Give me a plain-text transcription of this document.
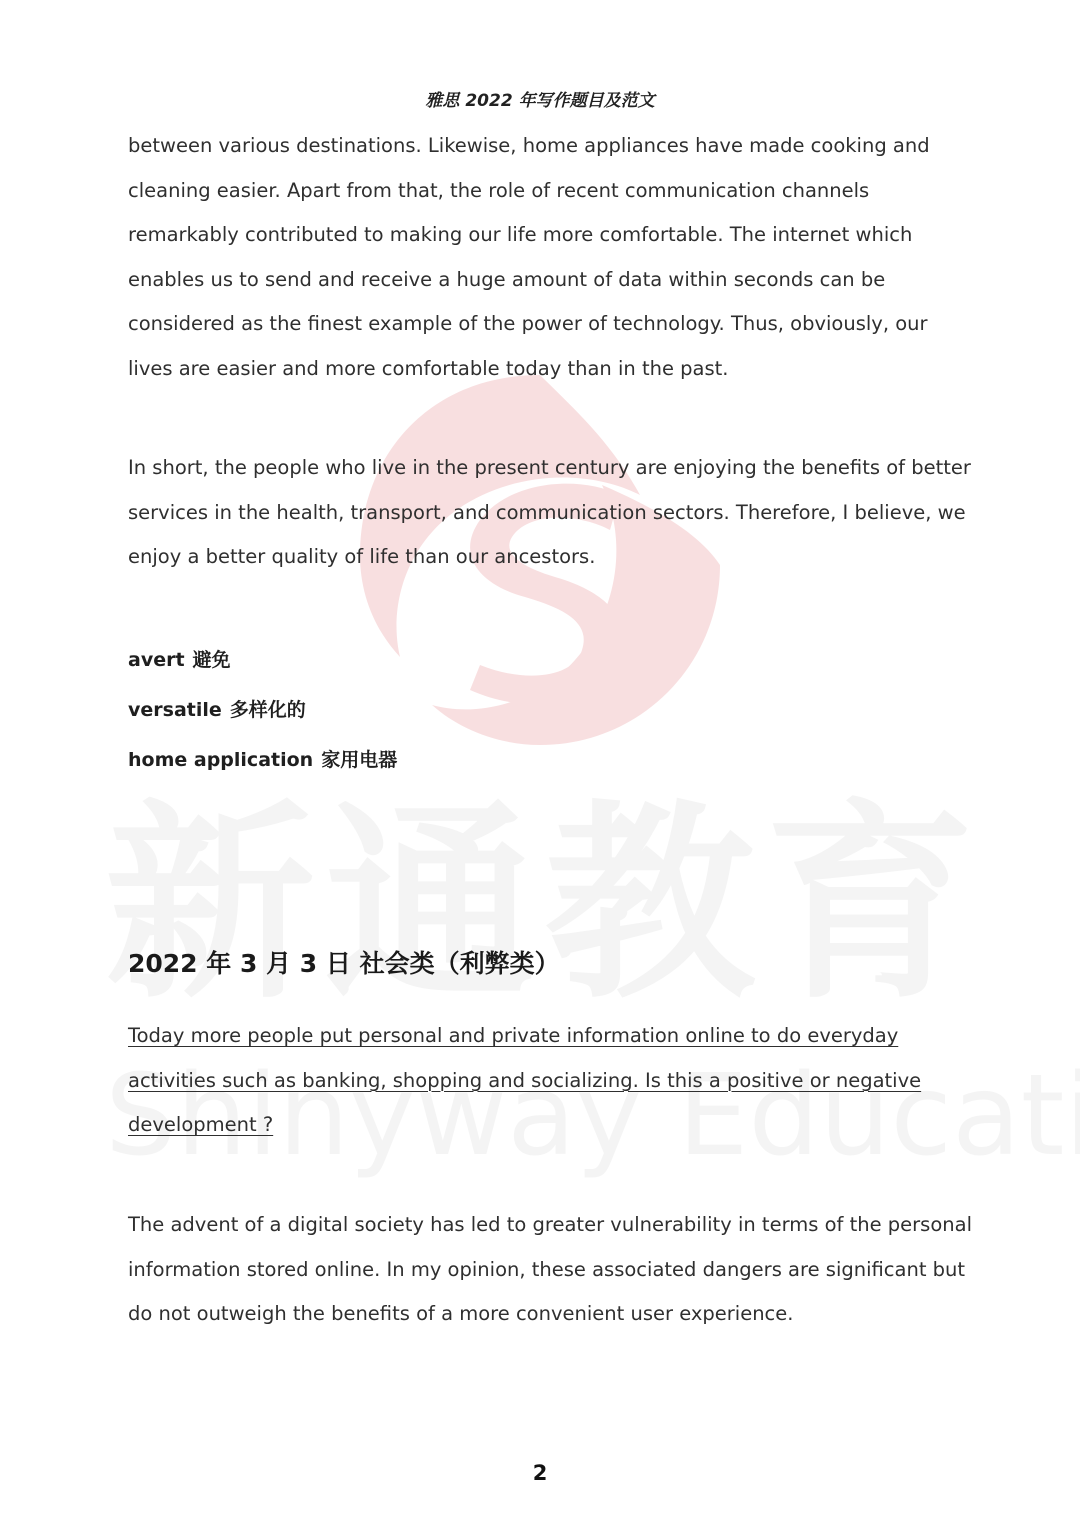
雅思 2022 年写作题目及范文
between various destinations. Likewise, home appliances have made cooking and
cleaning easier. Apart from that, the role of recent communication channels
remarkably contributed to making our life more comfortable. The internet which
enables us to send and receive a huge amount of data within seconds can be
considered as the finest example of the power of technology. Thus, obviously, our
lives are easier and more comfortable today than in the past.
In short, the people who live in the present century are enjoying the benefits of better
services in the health, transport, and communication sectors. Therefore, I believe, we
enjoy a better quality of life than our ancestors.
avert 避免
versatile 多样化的
home application 家用电器
2022 年 3 月 3 日 社会类（利弊类）
Today more people put personal and private information online to do everyday
activities such as banking, shopping and socializing. Is this a positive or negative
development ?
The advent of a digital society has led to greater vulnerability in terms of the personal
information stored online. In my opinion, these associated dangers are significant but
do not outweigh the benefits of a more convenient user experience.
2
